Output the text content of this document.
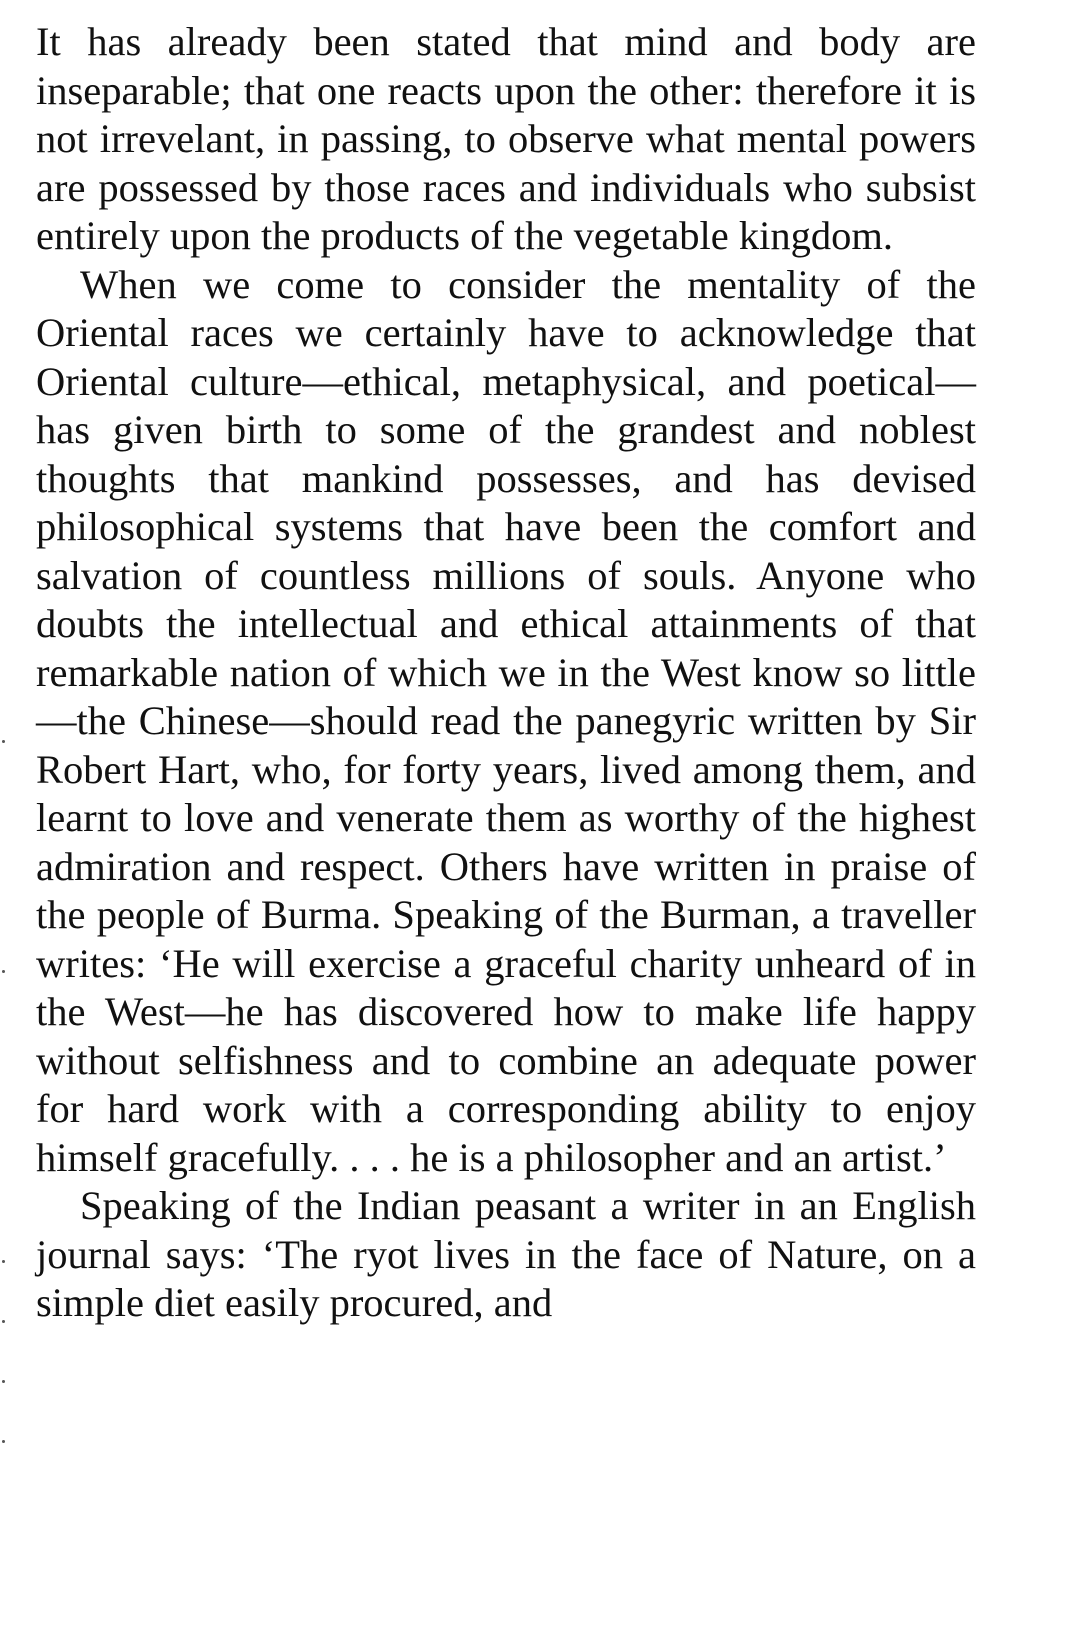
It has already been stated that mind and body are inseparable; that one reacts upon the other: therefore it is not irrevelant, in passing, to observe what mental powers are possessed by those races and individuals who subsist entirely upon the products of the vegetable kingdom.

When we come to consider the mentality of the Oriental races we certainly have to acknowledge that Oriental culture—ethical, metaphysical, and poetical—has given birth to some of the grandest and noblest thoughts that mankind possesses, and has devised philosophical systems that have been the comfort and salvation of countless millions of souls. Anyone who doubts the intellectual and ethical attainments of that remarkable nation of which we in the West know so little—the Chinese—should read the panegyric written by Sir Robert Hart, who, for forty years, lived among them, and learnt to love and venerate them as worthy of the highest admiration and respect. Others have written in praise of the people of Burma. Speaking of the Burman, a traveller writes: ‘He will exercise a graceful charity unheard of in the West—he has discovered how to make life happy without selfishness and to combine an adequate power for hard work with a corresponding ability to enjoy himself gracefully. . . . he is a philosopher and an artist.’

Speaking of the Indian peasant a writer in an English journal says: ‘The ryot lives in the face of Nature, on a simple diet easily procured, and
